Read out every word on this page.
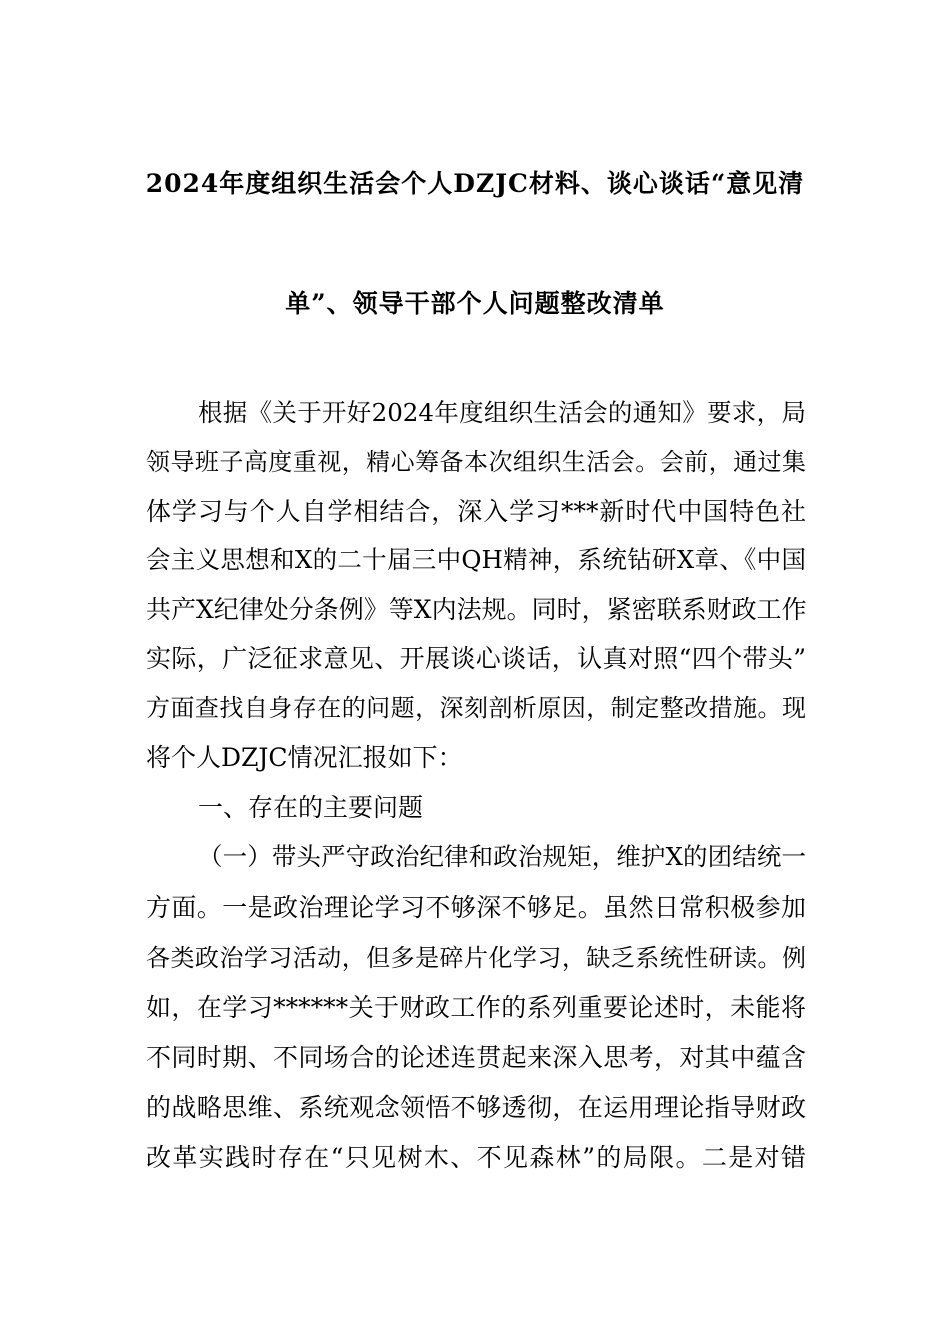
2024年度组织生活会个人DZJC材料、谈心谈话“意见清
单”、领导干部个人问题整改清单
根据《关于开好2024年度组织生活会的通知》要求，局
领导班子高度重视，精心筹备本次组织生活会。会前，通过集
体学习与个人自学相结合，深入学习***新时代中国特色社
会主义思想和X的二十届三中QH精神，系统钻研X章、《中国
共产X纪律处分条例》等X内法规。同时，紧密联系财政工作
实际，广泛征求意见、开展谈心谈话，认真对照“四个带头”
方面查找自身存在的问题，深刻剖析原因，制定整改措施。现
将个人DZJC情况汇报如下：
一、存在的主要问题
（一）带头严守政治纪律和政治规矩，维护X的团结统一
方面。一是政治理论学习不够深不够足。虽然日常积极参加
各类政治学习活动，但多是碎片化学习，缺乏系统性研读。例
如，在学习******关于财政工作的系列重要论述时，未能将
不同时期、不同场合的论述连贯起来深入思考，对其中蕴含
的战略思维、系统观念领悟不够透彻，在运用理论指导财政
改革实践时存在“只见树木、不见森林”的局限。二是对错
